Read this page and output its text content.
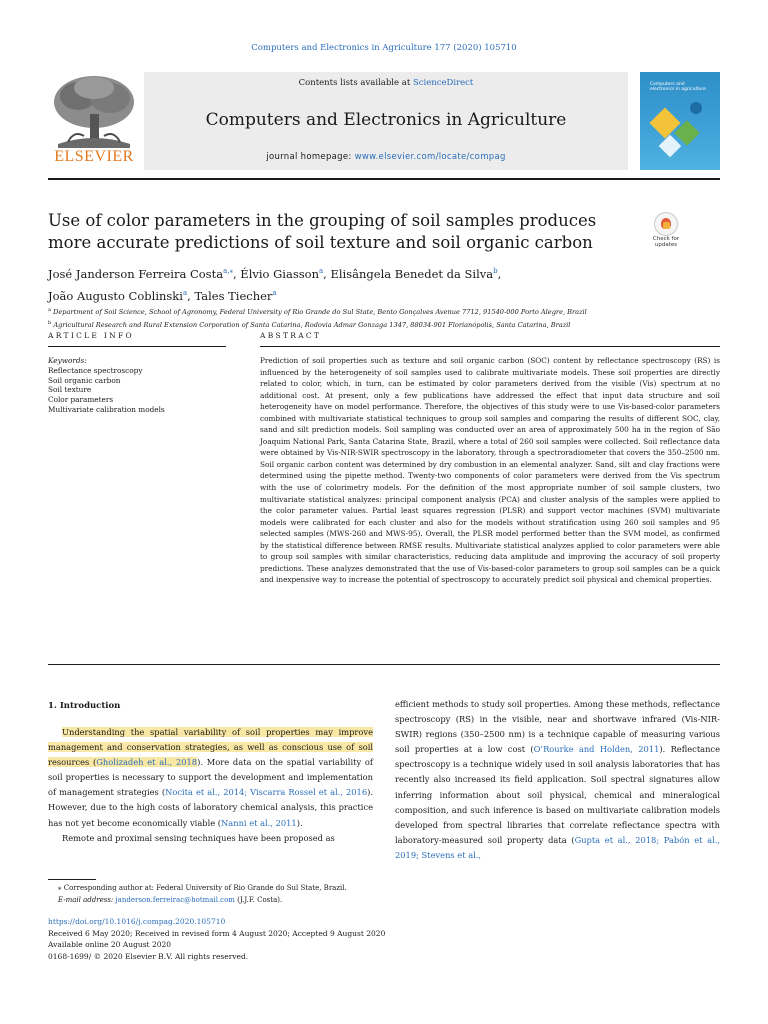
Computers and Electronics in Agriculture 177 (2020) 105710
ELSEVIER
Contents lists available at ScienceDirect
Computers and Electronics in Agriculture
journal homepage: www.elsevier.com/locate/compag
Computers and electronics in agriculture
Use of color parameters in the grouping of soil samples produces more accurate predictions of soil texture and soil organic carbon	Check for updates
José Janderson Ferreira Costa$^{a,⁎}$, Élvio Giasson$^a$, Elisângela Benedet da Silva$^b$,
João Augusto Coblinski$^a$, Tales Tiecher$^a$
$^a$ Department of Soil Science, School of Agronomy, Federal University of Rio Grande do Sul State, Bento Gonçalves Avenue 7712, 91540-000 Porto Alegre, Brazil
$^b$ Agricultural Research and Rural Extension Corporation of Santa Catarina, Rodovia Admar Gonzaga 1347, 88034-901 Florianópolis, Santa Catarina, Brazil
ARTICLE INFO	ABSTRACT
Keywords:
Reflectance spectroscopy
Soil organic carbon
Soil texture
Color parameters
Multivariate calibration models
Prediction of soil properties such as texture and soil organic carbon (SOC) content by reflectance spectroscopy (RS) is influenced by the heterogeneity of soil samples used to calibrate multivariate models. These soil properties are directly related to color, which, in turn, can be estimated by color parameters derived from the visible (Vis) spectrum at no additional cost. At present, only a few publications have addressed the effect that input data structure and soil heterogeneity have on model performance. Therefore, the objectives of this study were to use Vis-based-color parameters combined with multivariate statistical techniques to group soil samples and comparing the results of different SOC, clay, sand and silt prediction models. Soil sampling was conducted over an area of approximately 500 ha in the region of São Joaquim National Park, Santa Catarina State, Brazil, where a total of 260 soil samples were collected. Soil reflectance data were obtained by Vis-NIR-SWIR spectroscopy in the laboratory, through a spectroradiometer that covers the 350–2500 nm. Soil organic carbon content was determined by dry combustion in an elemental analyzer. Sand, silt and clay fractions were determined using the pipette method. Twenty-two components of color parameters were derived from the Vis spectrum with the use of colorimetry models. For the definition of the most appropriate number of soil sample clusters, two multivariate statistical analyzes: principal component analysis (PCA) and cluster analysis of the samples were applied to the color parameter values. Partial least squares regression (PLSR) and support vector machines (SVM) multivariate models were calibrated for each cluster and also for the models without stratification using 260 soil samples and 95 selected samples (MWS-260 and MWS-95). Overall, the PLSR model performed better than the SVM model, as confirmed by the statistical difference between RMSE results. Multivariate statistical analyzes applied to color parameters were able to group soil samples with similar characteristics, reducing data amplitude and improving the accuracy of soil property predictions. These analyzes demonstrated that the use of Vis-based-color parameters to group soil samples can be a quick and inexpensive way to increase the potential of spectroscopy to accurately predict soil physical and chemical properties.
1. Introduction

Understanding the spatial variability of soil properties may improve management and conservation strategies, as well as conscious use of soil resources (Gholizadeh et al., 2018). More data on the spatial variability of soil properties is necessary to support the development and implementation of management strategies (Nocita et al., 2014; Viscarra Rossel et al., 2016). However, due to the high costs of laboratory chemical analysis, this practice has not yet become economically viable (Nanni et al., 2011).

Remote and proximal sensing techniques have been proposed as

efficient methods to study soil properties. Among these methods, reflectance spectroscopy (RS) in the visible, near and shortwave infrared (Vis-NIR-SWIR) regions (350–2500 nm) is a technique capable of measuring various soil properties at a low cost (O’Rourke and Holden, 2011). Reflectance spectroscopy is a technique widely used in soil analysis laboratories that has recently also increased its field application. Soil spectral signatures allow inferring information about soil physical, chemical and mineralogical composition, and such inference is based on multivariate calibration models developed from spectral libraries that correlate reflectance spectra with laboratory-measured soil property data (Gupta et al., 2018; Pabón et al., 2019; Stevens et al.,

⁎ Corresponding author at: Federal University of Rio Grande do Sul State, Brazil.
E-mail address: janderson.ferreirac@hotmail.com (J.J.F. Costa).
https://doi.org/10.1016/j.compag.2020.105710
Received 6 May 2020; Received in revised form 4 August 2020; Accepted 9 August 2020
Available online 20 August 2020
0168-1699/ © 2020 Elsevier B.V. All rights reserved.
